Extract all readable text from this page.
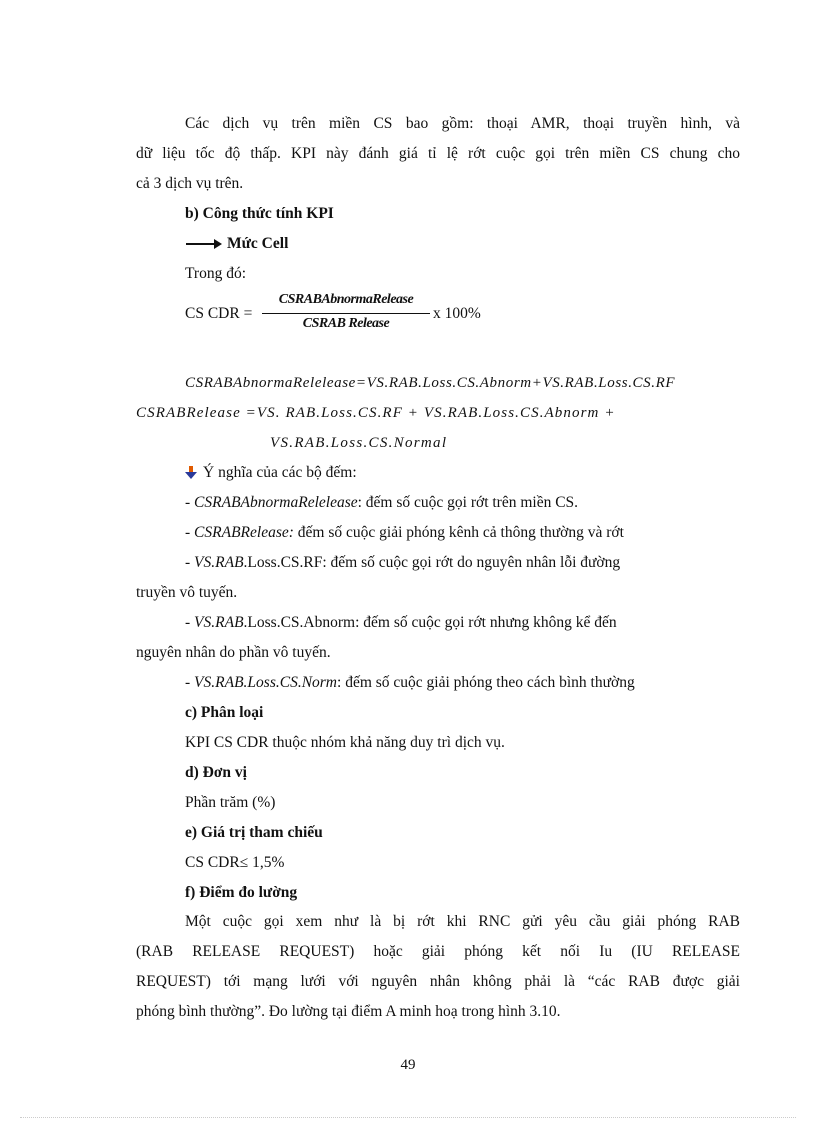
Các dịch vụ trên miền CS bao gồm: thoại AMR, thoại truyền hình, và
dữ liệu tốc độ thấp. KPI này đánh giá tỉ lệ rớt cuộc gọi trên miền CS chung cho
cả 3 dịch vụ trên.
b) Công thức tính KPI
Mức Cell
Trong đó:
CS CDR =
CSRABAbnormaRelease
CSRAB Release
x 100%
CSRABAbnormaRelelease=VS.RAB.Loss.CS.Abnorm+VS.RAB.Loss.CS.RF
CSRABRelease =VS. RAB.Loss.CS.RF + VS.RAB.Loss.CS.Abnorm +
VS.RAB.Loss.CS.Normal
Ý nghĩa của các bộ đếm:
- CSRABAbnormaRelelease: đếm số cuộc gọi rớt trên miền CS.
- CSRABRelease: đếm số cuộc giải phóng kênh cả thông thường và rớt
- VS.RAB.Loss.CS.RF: đếm số cuộc gọi rớt do nguyên nhân lỗi đường
truyền vô tuyến.
- VS.RAB.Loss.CS.Abnorm: đếm số cuộc gọi rớt nhưng không kể đến
nguyên nhân do phần vô tuyến.
- VS.RAB.Loss.CS.Norm: đếm số cuộc giải phóng theo cách bình thường
c) Phân loại
KPI CS CDR thuộc nhóm khả năng duy trì dịch vụ.
d) Đơn vị
Phần trăm (%)
e) Giá trị tham chiếu
CS CDR≤ 1,5%
f) Điểm đo lường
Một cuộc gọi xem như là bị rớt khi RNC gửi yêu cầu giải phóng RAB
(RAB RELEASE REQUEST) hoặc giải phóng kết nối Iu (IU RELEASE
REQUEST) tới mạng lưới với nguyên nhân không phải là “các RAB được giải
phóng bình thường”. Đo lường tại điểm A minh hoạ trong hình 3.10.
49
